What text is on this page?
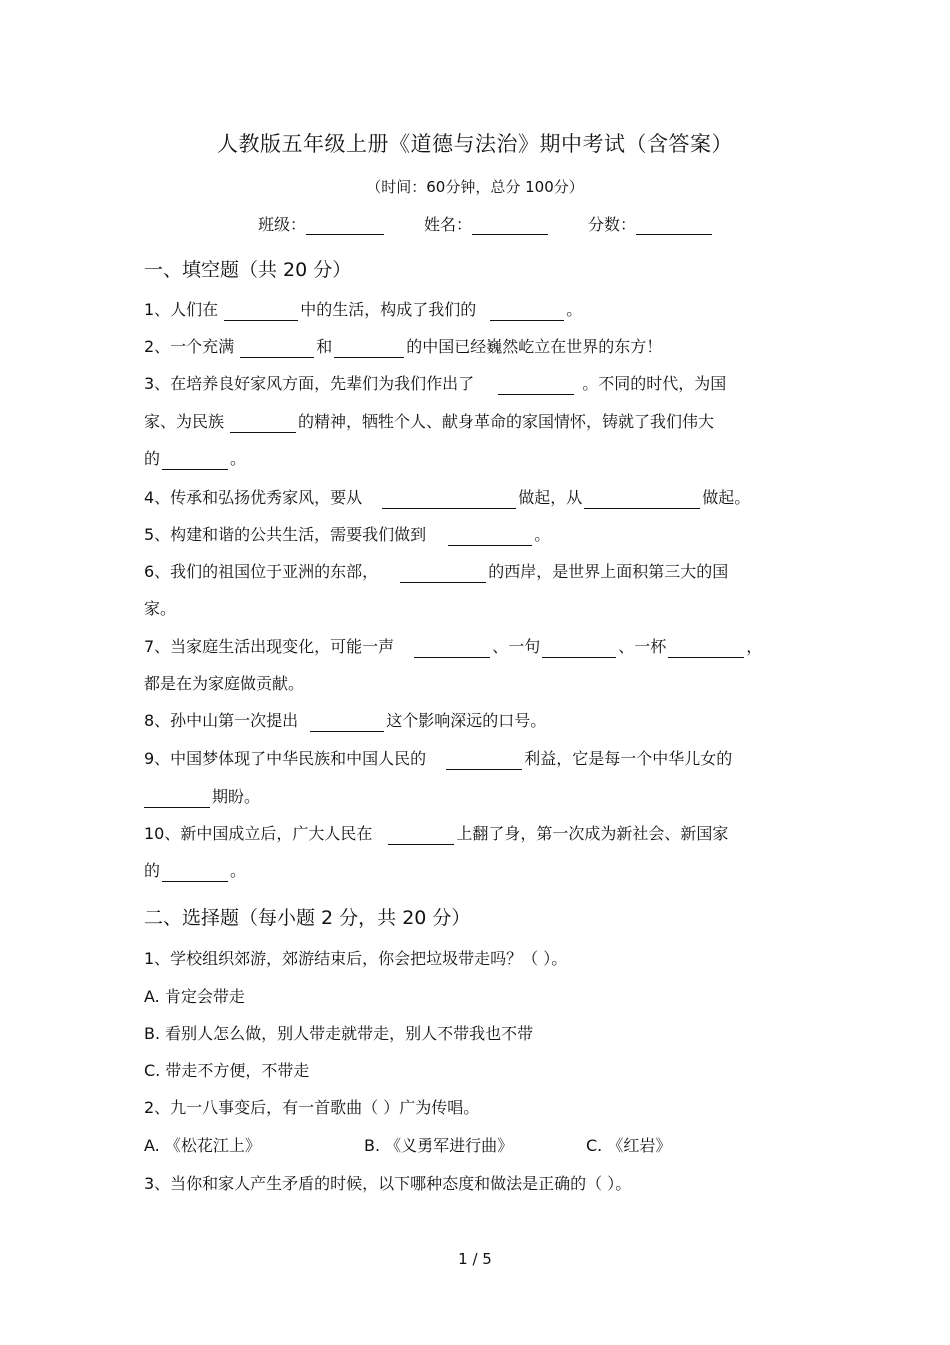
人教版五年级上册《道德与法治》期中考试（含答案）
（时间：60分钟，总分 100分）
班级：	姓名：	分数：
一、填空题（共 20 分）
1、人们在	中的生活，构成了我们的	。
2、一个充满	和	的中国已经巍然屹立在世界的东方！
3、在培养良好家风方面，先辈们为我们作出了	。不同的时代，为国
家、为民族	的精神，牺牲个人、献身革命的家国情怀，铸就了我们伟大
的	。
4、传承和弘扬优秀家风，要从	做起，从	做起。
5、构建和谐的公共生活，需要我们做到	。
6、我们的祖国位于亚洲的东部，	的西岸，是世界上面积第三大的国
家。
7、当家庭生活出现变化，可能一声	、一句	、一杯	，
都是在为家庭做贡献。
8、孙中山第一次提出	这个影响深远的口号。
9、中国梦体现了中华民族和中国人民的	利益，它是每一个中华儿女的
期盼。
10、新中国成立后，广大人民在	上翻了身，第一次成为新社会、新国家
的	。
二、选择题（每小题 2 分，共 20 分）
1、学校组织郊游，郊游结束后，你会把垃圾带走吗？（ ）。
A. 肯定会带走
B. 看别人怎么做，别人带走就带走，别人不带我也不带
C. 带走不方便，不带走
2、九一八事变后，有一首歌曲（ ）广为传唱。
A. 《松花江上》	B. 《义勇军进行曲》	C. 《红岩》
3、当你和家人产生矛盾的时候，以下哪种态度和做法是正确的（ ）。
1 / 5
